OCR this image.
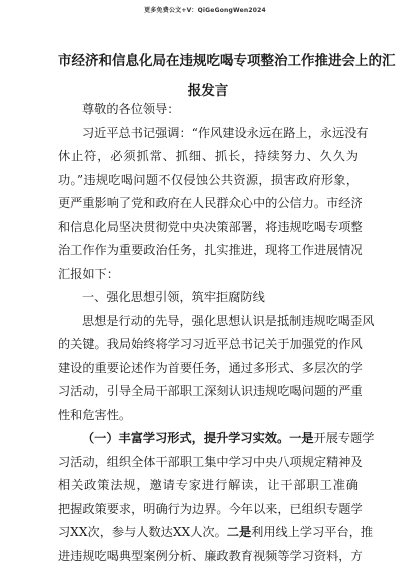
更多免费公文+V：QiGeGongWen2024
市经济和信息化局在违规吃喝专项整治工作推进会上的汇
报发言
尊敬的各位领导：
习近平总书记强调：“作风建设永远在路上，永远没有
休止符，必须抓常、抓细、抓长，持续努力、久久为
功。”违规吃喝问题不仅侵蚀公共资源，损害政府形象，
更严重影响了党和政府在人民群众心中的公信力。市经济
和信息化局坚决贯彻党中央决策部署，将违规吃喝专项整
治工作作为重要政治任务，扎实推进，现将工作进展情况
汇报如下：
一、强化思想引领，筑牢拒腐防线
思想是行动的先导，强化思想认识是抵制违规吃喝歪风
的关键。我局始终将学习习近平总书记关于加强党的作风
建设的重要论述作为首要任务，通过多形式、多层次的学
习活动，引导全局干部职工深刻认识违规吃喝问题的严重
性和危害性。
（一）丰富学习形式，提升学习实效。一是开展专题学
习活动，组织全体干部职工集中学习中央八项规定精神及
相关政策法规，邀请专家进行解读，让干部职工准确
把握政策要求，明确行为边界。今年以来，已组织专题学
习XX次，参与人数达XX人次。二是利用线上学习平台，推
进违规吃喝典型案例分析、廉政教育视频等学习资料，方
